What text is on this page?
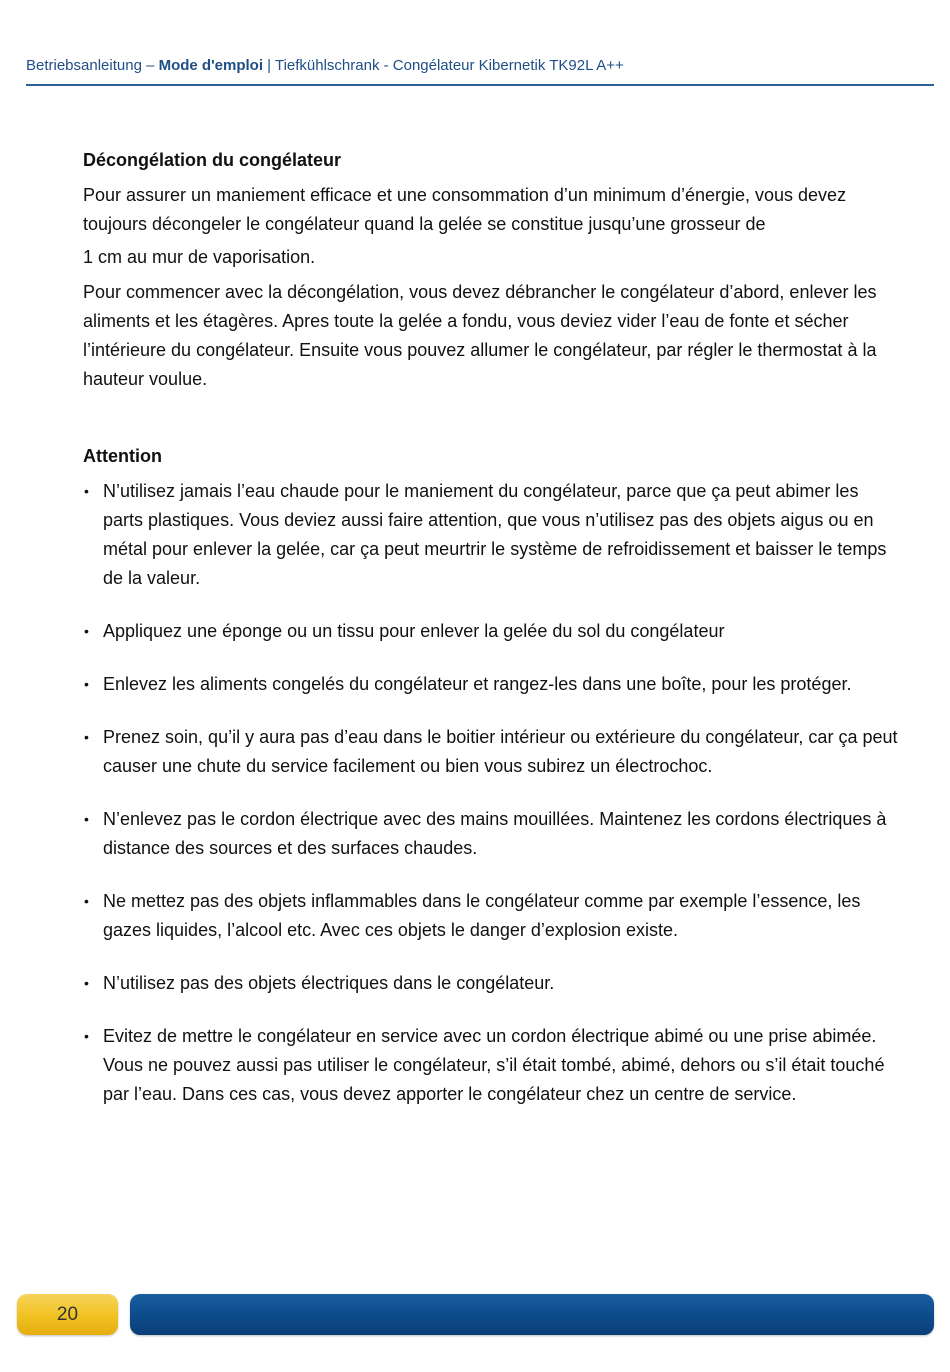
Betriebsanleitung – Mode d'emploi | Tiefkühlschrank - Congélateur Kibernetik TK92L A++
Décongélation du congélateur

Pour assurer un maniement efficace et une consommation d’un minimum d’énergie, vous devez toujours décongeler le congélateur quand la gelée se constitue jusqu’une grosseur de

1 cm au mur de vaporisation.

Pour commencer avec la décongélation, vous devez débrancher le congélateur d’abord, enlever les aliments et les étagères. Apres toute la gelée a fondu, vous deviez vider l’eau de fonte et sécher l’intérieure du congélateur. Ensuite vous pouvez allumer le congélateur, par régler le thermostat à la hauteur voulue.

Attention
• N’utilisez jamais l’eau chaude pour le maniement du congélateur, parce que ça peut abimer les parts plastiques. Vous deviez aussi faire attention, que vous n’utilisez pas des objets aigus ou en métal pour enlever la gelée, car ça peut meurtrir le système de refroidissement et baisser le temps de la valeur.
• Appliquez une éponge ou un tissu pour enlever la gelée du sol du congélateur
• Enlevez les aliments congelés du congélateur et rangez-les dans une boîte, pour les protéger.
• Prenez soin, qu’il y aura pas d’eau dans le boitier intérieur ou extérieure du congélateur, car ça peut causer une chute du service facilement ou bien vous subirez un électrochoc.
• N’enlevez pas le cordon électrique avec des mains mouillées. Maintenez les cordons électriques à distance des sources et des surfaces chaudes.
• Ne mettez pas des objets inflammables dans le congélateur comme par exemple l’essence, les gazes liquides, l’alcool etc. Avec ces objets le danger d’explosion existe.
• N’utilisez pas des objets électriques dans le congélateur.
• Evitez de mettre le congélateur en service avec un cordon électrique abimé ou une prise abimée. Vous ne pouvez aussi pas utiliser le congélateur, s’il était tombé, abimé, dehors ou s’il était touché par l’eau. Dans ces cas, vous devez apporter le congélateur chez un centre de service.
20
